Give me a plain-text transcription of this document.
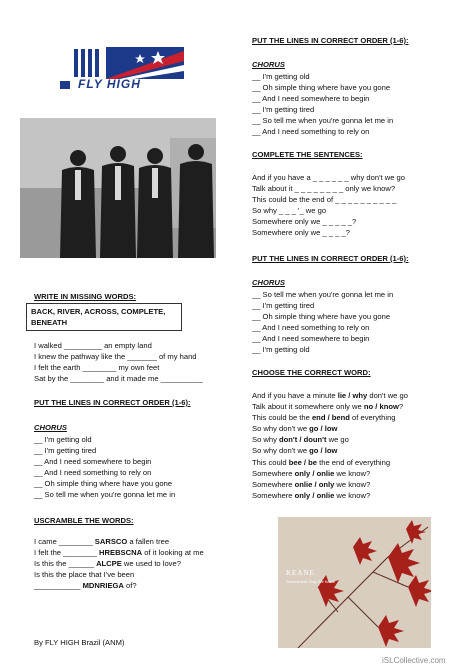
FLY HIGH
WRITE IN MISSING WORDS:
BACK, RIVER, ACROSS, COMPLETE, BENEATH
I walked _________ an empty land
I knew the pathway like the _______ of my hand
I felt the earth ________ my own feet
Sat by the ________ and it made me __________
PUT THE LINES IN CORRECT ORDER (1-6):
CHORUS
__ I'm getting old
__ I'm getting tired
__ And I need somewhere to begin
__ And I need something to rely on
__ Oh simple thing where have you gone
__ So tell me when you're gonna let me in
USCRAMBLE THE WORDS:
I came ________ SARSCO a fallen tree
I felt the ________ HREBSCNA of it looking at me
Is this the ______ ALCPE we used to love?
Is this the place that I've been
___________ MDNRIEGA of?
By FLY HIGH Brazil (ANM)
PUT THE LINES IN CORRECT ORDER (1-6):
CHORUS
__ I'm getting old
__ Oh simple thing where have you gone
__ And I need somewhere to begin
__ I'm getting tired
__ So tell me when you're gonna let me in
__ And I need something to rely on
COMPLETE THE SENTENCES:
And if you have a _ _ _ _ _ _ why don't we go
Talk about it _ _ _ _ _ _ _ _ only we know?
This could be the end of _ _ _ _ _ _ _ _ _ _
So why _ _ _ '_ we go
Somewhere only we _ _ _ _ _?
Somewhere only we _ _ _ _?
PUT THE LINES IN CORRECT ORDER (1-6):
CHORUS
__ So tell me when you're gonna let me in
__ I'm getting tired
__ Oh simple thing where have you gone
__ And I need something to rely on
__ And I need somewhere to begin
__ I'm getting old
CHOOSE THE CORRECT WORD:
And if you have a minute lie / why don't we go
Talk about it somewhere only we no / know?
This could be the end / bend of everything
So why don't we go / low
So why don't / doun't we go
So why don't we go / low
This could bee / be the end of everything
Somewhere only / onlie we know?
Somewhere onlie / only we know?
Somewhere only / onlie we know?
KEANE
Somewhere Only We Know
iSLCollective.com
